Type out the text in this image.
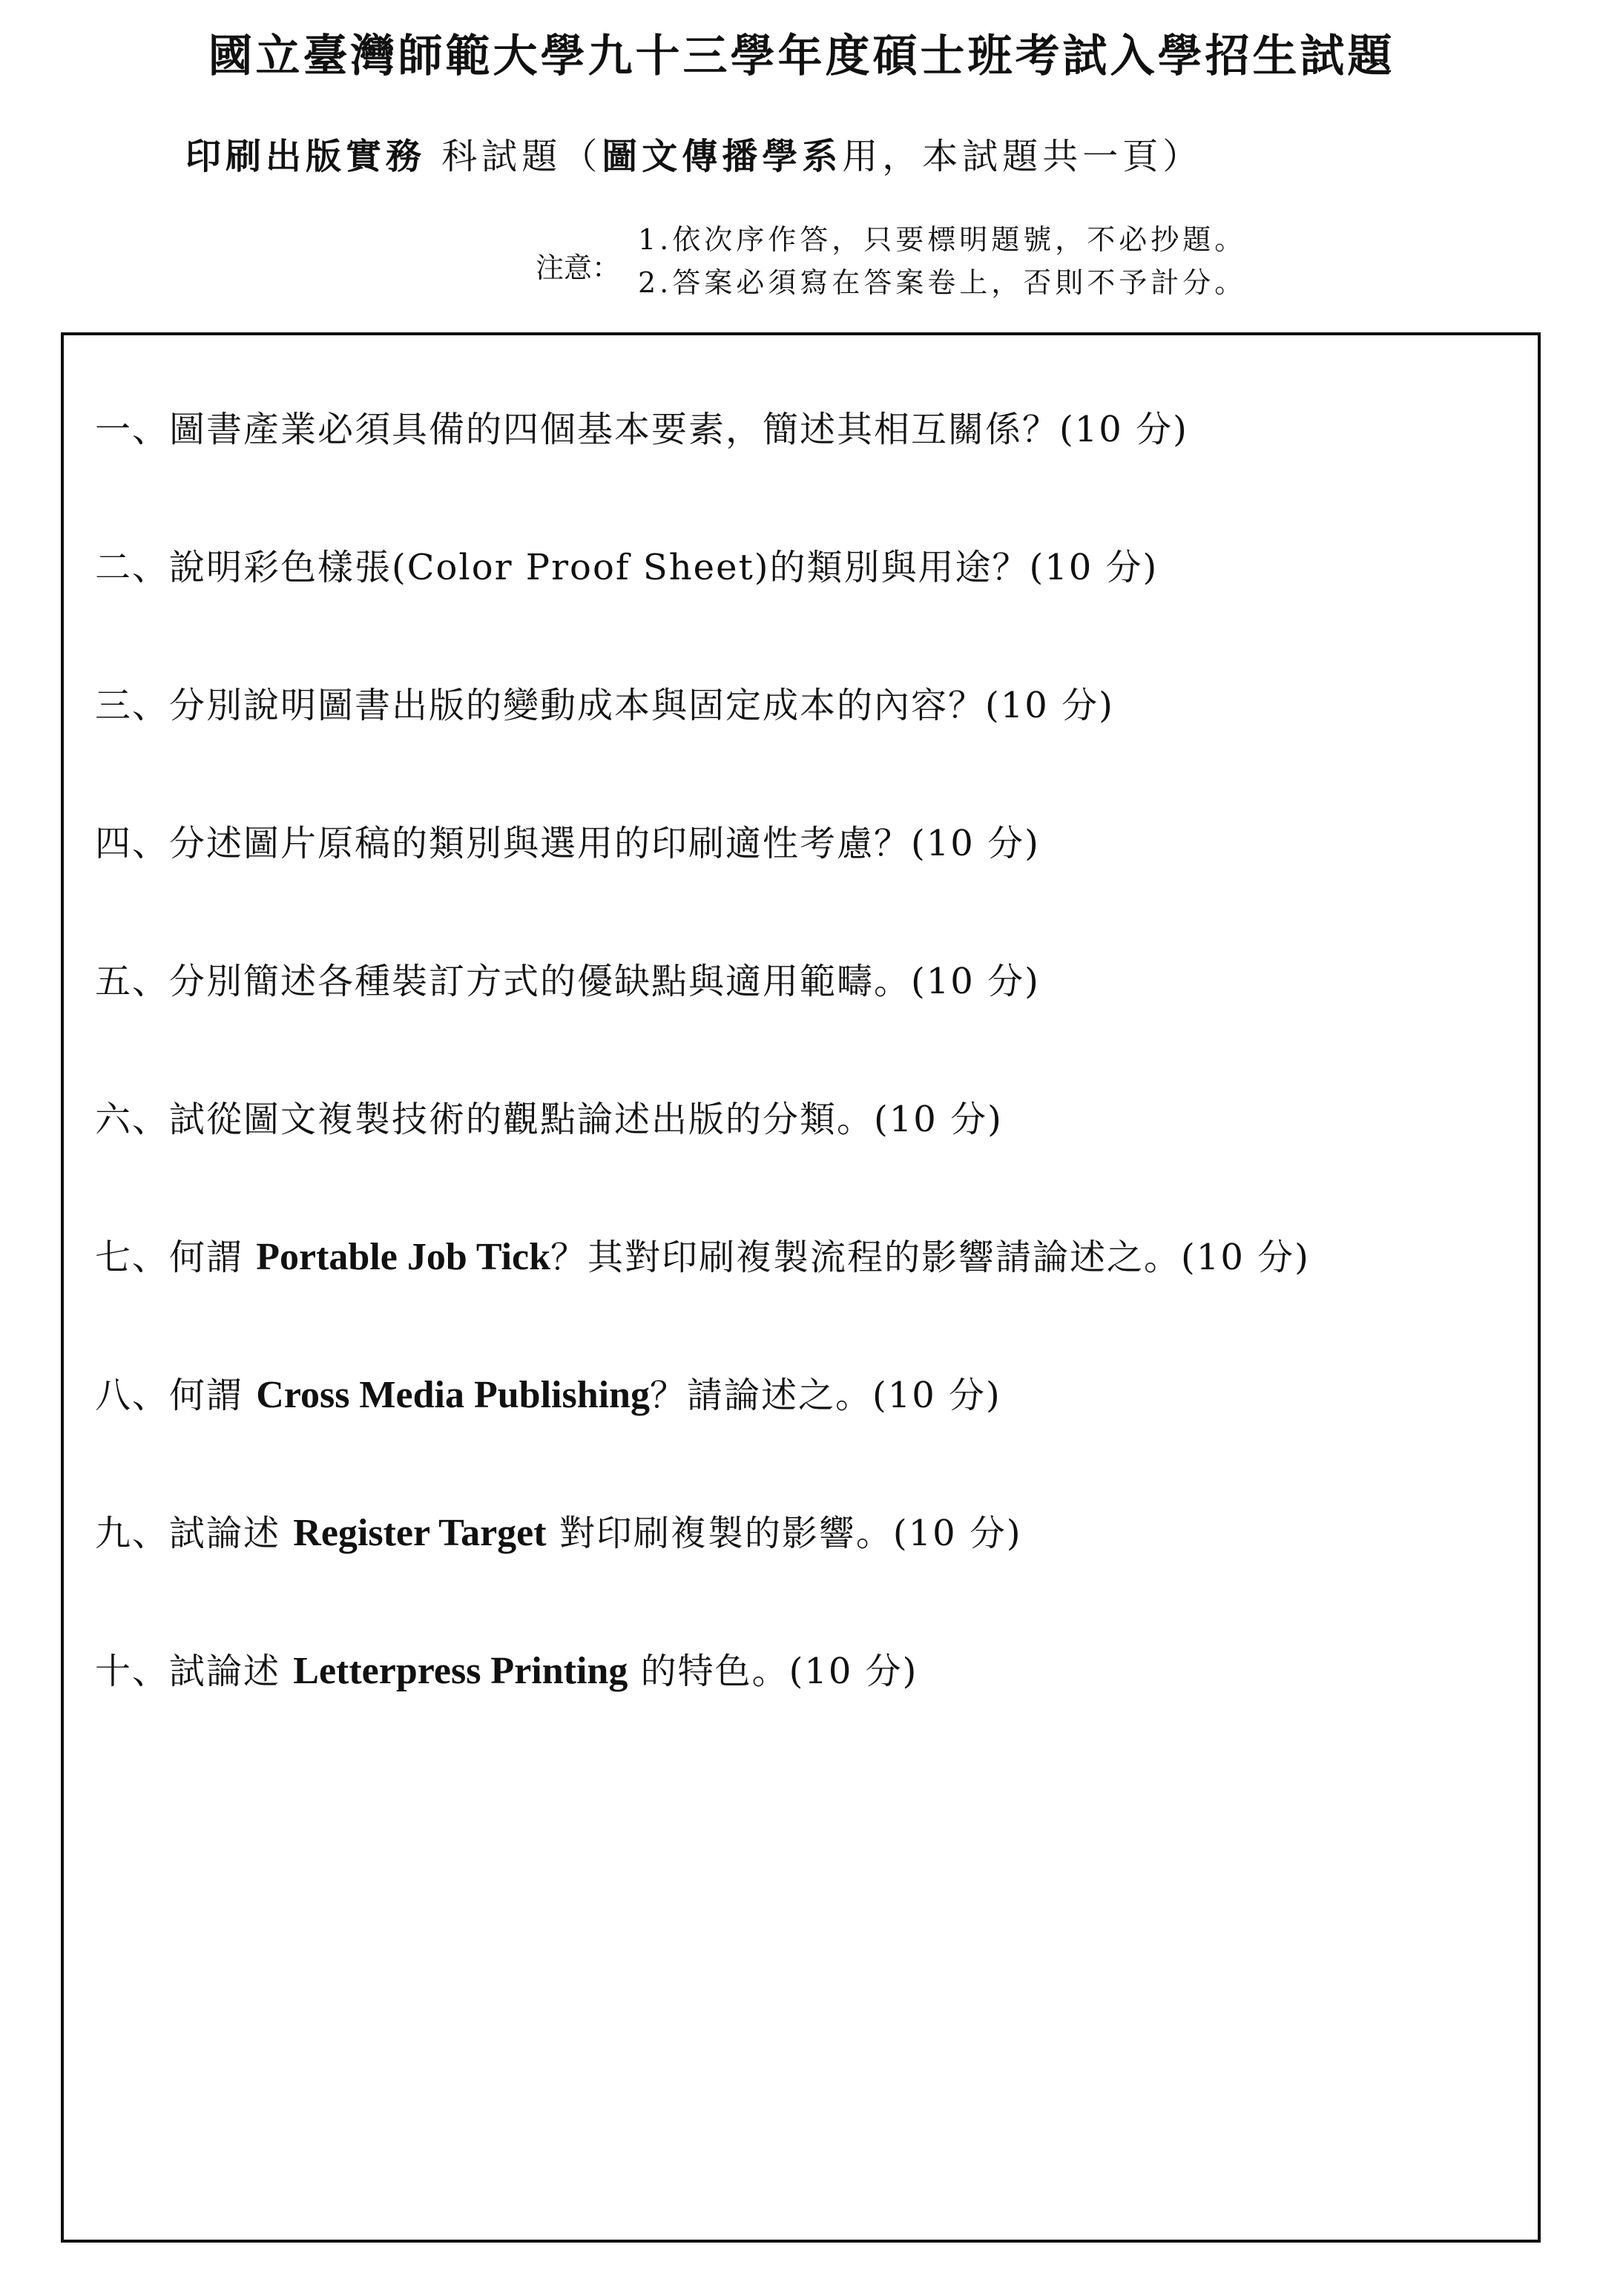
國立臺灣師範大學九十三學年度碩士班考試入學招生試題
印刷出版實務 科試題（圖文傳播學系用，本試題共一頁）
注意：
1.依次序作答，只要標明題號，不必抄題。
2.答案必須寫在答案卷上，否則不予計分。
一、圖書產業必須具備的四個基本要素，簡述其相互關係？(10 分)
二、說明彩色樣張(Color Proof Sheet)的類別與用途？(10 分)
三、分別說明圖書出版的變動成本與固定成本的內容？(10 分)
四、分述圖片原稿的類別與選用的印刷適性考慮？(10 分)
五、分別簡述各種裝訂方式的優缺點與適用範疇。(10 分)
六、試從圖文複製技術的觀點論述出版的分類。(10 分)
七、何謂 Portable Job Tick？其對印刷複製流程的影響請論述之。(10 分)
八、何謂 Cross Media Publishing？請論述之。(10 分)
九、試論述 Register Target 對印刷複製的影響。(10 分)
十、試論述 Letterpress Printing 的特色。(10 分)
